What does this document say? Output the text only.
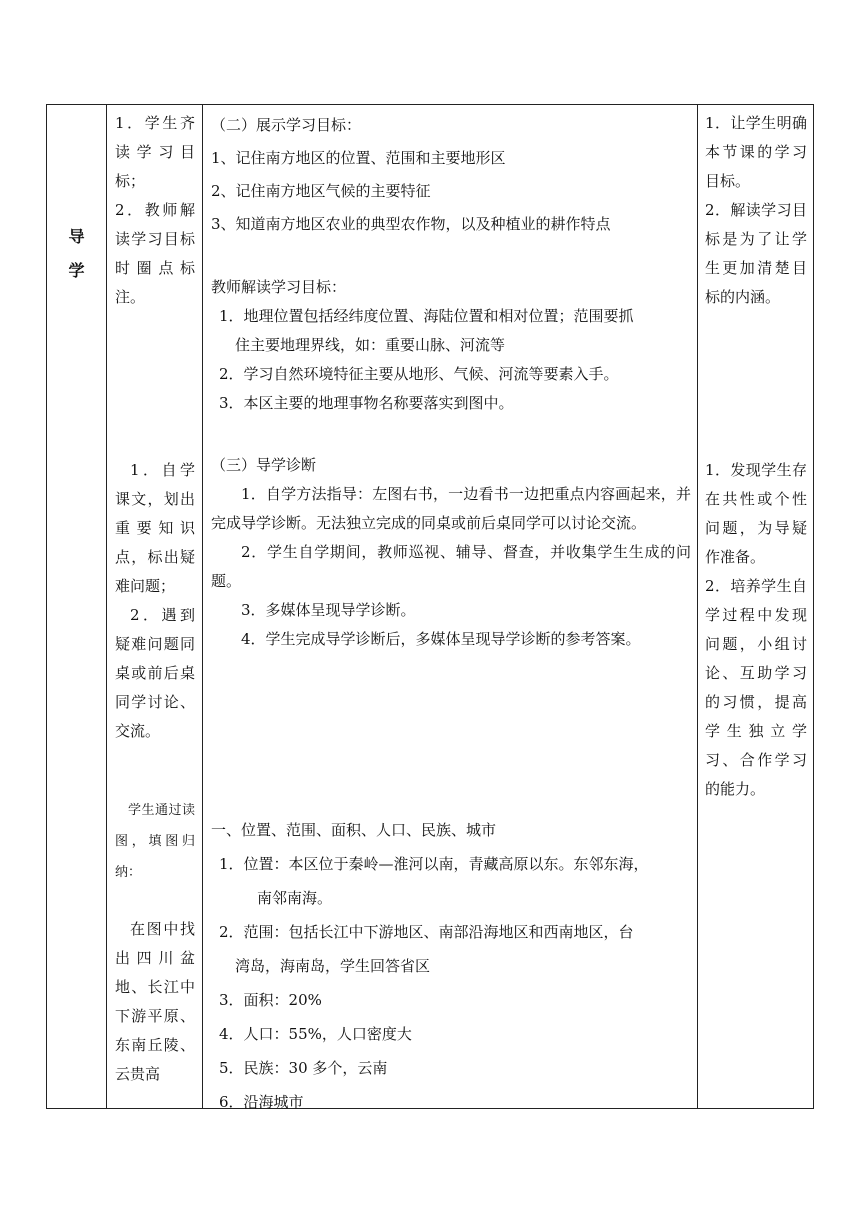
导
学

1．学生齐读学习目标；

2．教师解读学习目标时圈点标注。

1．自学课文，划出重要知识点，标出疑难问题；

2．遇到疑难问题同桌或前后桌同学讨论、交流。

学生通过读图，填图归纳：

在图中找出四川盆地、长江中下游平原、东南丘陵、云贵高

（二）展示学习目标：
1、记住南方地区的位置、范围和主要地形区
2、记住南方地区气候的主要特征
3、知道南方地区农业的典型农作物，以及种植业的耕作特点
教师解读学习目标：
1．地理位置包括经纬度位置、海陆位置和相对位置；范围要抓
住主要地理界线，如：重要山脉、河流等
2．学习自然环境特征主要从地形、气候、河流等要素入手。
3．本区主要的地理事物名称要落实到图中。
（三）导学诊断

1．自学方法指导：左图右书，一边看书一边把重点内容画起来，并完成导学诊断。无法独立完成的同桌或前后桌同学可以讨论交流。

2．学生自学期间，教师巡视、辅导、督查，并收集学生生成的问题。

3．多媒体呈现导学诊断。

4．学生完成导学诊断后，多媒体呈现导学诊断的参考答案。

一、位置、范围、面积、人口、民族、城市
1．位置：本区位于秦岭—淮河以南，青藏高原以东。东邻东海，
南邻南海。
2．范围：包括长江中下游地区、南部沿海地区和西南地区，台
湾岛，海南岛，学生回答省区
3．面积：20%
4．人口：55%，人口密度大
5．民族：30 多个，云南
6．沿海城市

1．让学生明确本节课的学习目标。

2．解读学习目标是为了让学生更加清楚目标的内涵。

1．发现学生存在共性或个性问题，为导疑作准备。

2．培养学生自学过程中发现问题，小组讨论、互助学习的习惯，提高学生独立学习、合作学习的能力。
